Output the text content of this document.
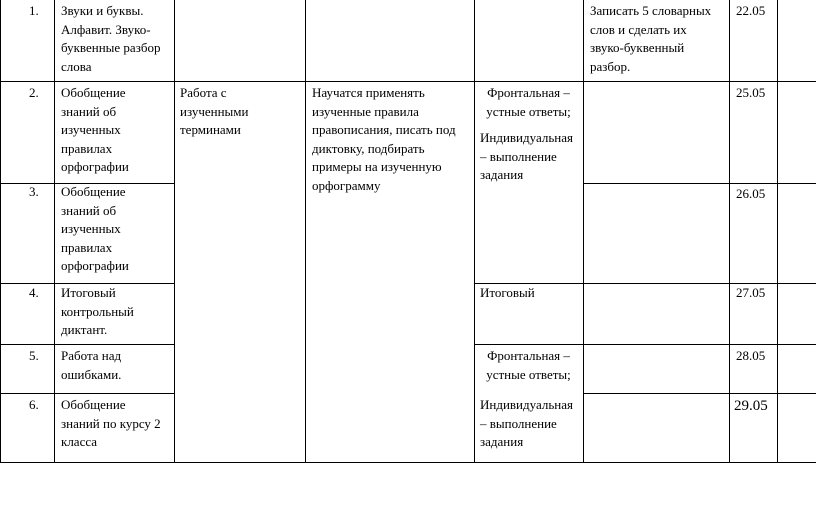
1. Звуки и буквы.
Алфавит. Звуко-
буквенные разбор
слова
Записать 5 словарных
слов и сделать их
звуко-буквенный
разбор.
22.05
2. Обобщение
знаний об
изученных
правилах
орфографии
25.05
Работа с
изученными
терминами
Научатся применять
изученные правила
правописания, писать под
диктовку, подбирать
примеры на изученную
орфограмму
Фронтальная –
устные ответы;
Индивидуальная
– выполнение
задания
3. Обобщение
знаний об
изученных
правилах
орфографии
26.05
4. Итоговый
контрольный
диктант.
Итоговый	27.05
5. Работа над
ошибками.
Фронтальная –
устные ответы;
28.05
6. Обобщение
знаний по курсу 2
класса
Индивидуальная
– выполнение
задания
29.05
